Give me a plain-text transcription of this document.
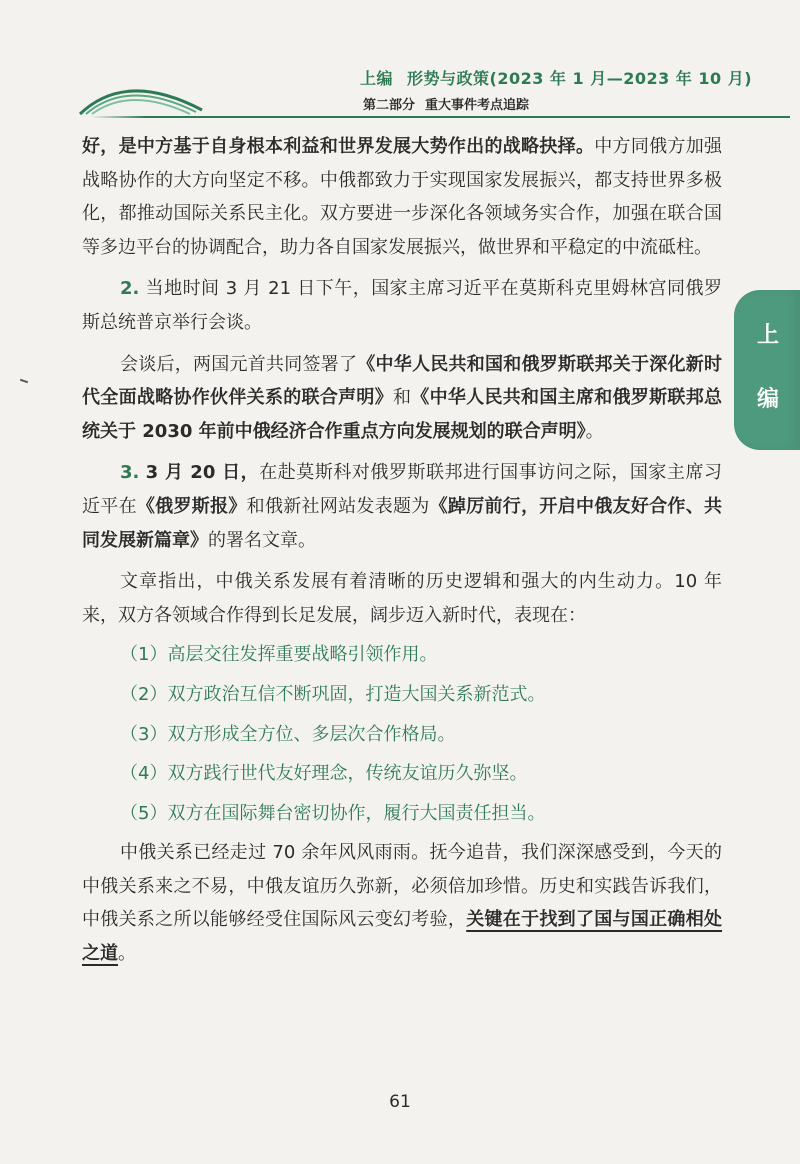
上编 形势与政策(2023 年 1 月—2023 年 10 月)
第二部分 重大事件考点追踪
上
编

好，是中方基于自身根本利益和世界发展大势作出的战略抉择。中方同俄方加强战略协作的大方向坚定不移。中俄都致力于实现国家发展振兴，都支持世界多极化，都推动国际关系民主化。双方要进一步深化各领域务实合作，加强在联合国等多边平台的协调配合，助力各自国家发展振兴，做世界和平稳定的中流砥柱。

2. 当地时间 3 月 21 日下午，国家主席习近平在莫斯科克里姆林宫同俄罗斯总统普京举行会谈。

会谈后，两国元首共同签署了《中华人民共和国和俄罗斯联邦关于深化新时代全面战略协作伙伴关系的联合声明》和《中华人民共和国主席和俄罗斯联邦总统关于 2030 年前中俄经济合作重点方向发展规划的联合声明》。

3. 3 月 20 日，在赴莫斯科对俄罗斯联邦进行国事访问之际，国家主席习近平在《俄罗斯报》和俄新社网站发表题为《踔厉前行，开启中俄友好合作、共同发展新篇章》的署名文章。

文章指出，中俄关系发展有着清晰的历史逻辑和强大的内生动力。10 年来，双方各领域合作得到长足发展，阔步迈入新时代，表现在：

（1）高层交往发挥重要战略引领作用。

（2）双方政治互信不断巩固，打造大国关系新范式。

（3）双方形成全方位、多层次合作格局。

（4）双方践行世代友好理念，传统友谊历久弥坚。

（5）双方在国际舞台密切协作，履行大国责任担当。

中俄关系已经走过 70 余年风风雨雨。抚今追昔，我们深深感受到，今天的中俄关系来之不易，中俄友谊历久弥新，必须倍加珍惜。历史和实践告诉我们，中俄关系之所以能够经受住国际风云变幻考验，关键在于找到了国与国正确相处之道。

61
